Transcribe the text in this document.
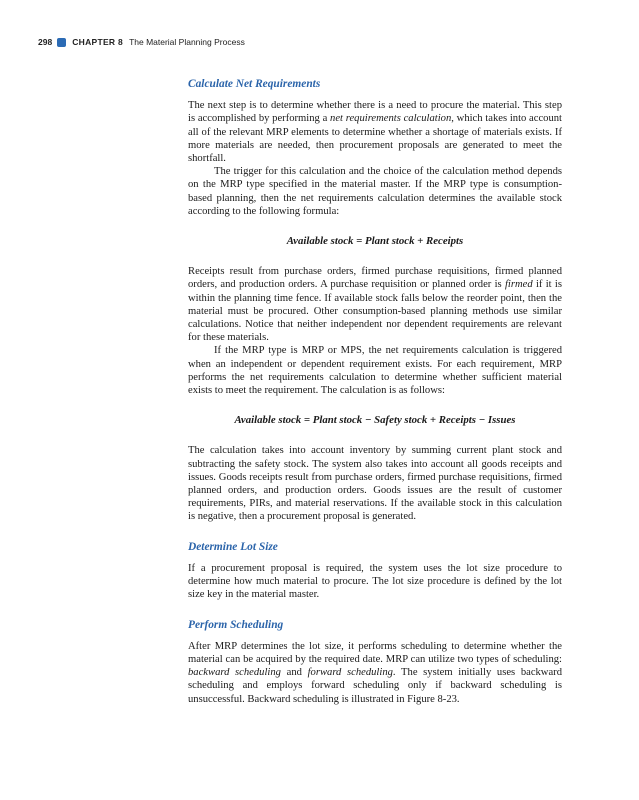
298 CHAPTER 8 The Material Planning Process
Calculate Net Requirements

The next step is to determine whether there is a need to procure the material. This step is accomplished by performing a net requirements calculation, which takes into account all of the relevant MRP elements to determine whether a shortage of materials exists. If more materials are needed, then procurement proposals are generated to meet the shortfall.

The trigger for this calculation and the choice of the calculation method depends on the MRP type specified in the material master. If the MRP type is consumption-based planning, then the net requirements calculation determines the available stock according to the following formula:

Available stock = Plant stock + Receipts

Receipts result from purchase orders, firmed purchase requisitions, firmed planned orders, and production orders. A purchase requisition or planned order is firmed if it is within the planning time fence. If available stock falls below the reorder point, then the material must be procured. Other consumption-based planning methods use similar calculations. Notice that neither independent nor dependent requirements are relevant for these materials.

If the MRP type is MRP or MPS, the net requirements calculation is triggered when an independent or dependent requirement exists. For each requirement, MRP performs the net requirements calculation to determine whether sufficient material exists to meet the requirement. The calculation is as follows:

Available stock = Plant stock − Safety stock + Receipts − Issues

The calculation takes into account inventory by summing current plant stock and subtracting the safety stock. The system also takes into account all goods receipts and issues. Goods receipts result from purchase orders, firmed purchase requisitions, firmed planned orders, and production orders. Goods issues are the result of customer requirements, PIRs, and material reservations. If the available stock in this calculation is negative, then a procurement proposal is generated.

Determine Lot Size

If a procurement proposal is required, the system uses the lot size procedure to determine how much material to procure. The lot size procedure is defined by the lot size key in the material master.

Perform Scheduling

After MRP determines the lot size, it performs scheduling to determine whether the material can be acquired by the required date. MRP can utilize two types of scheduling: backward scheduling and forward scheduling. The system initially uses backward scheduling and employs forward scheduling only if backward scheduling is unsuccessful. Backward scheduling is illustrated in Figure 8-23.
